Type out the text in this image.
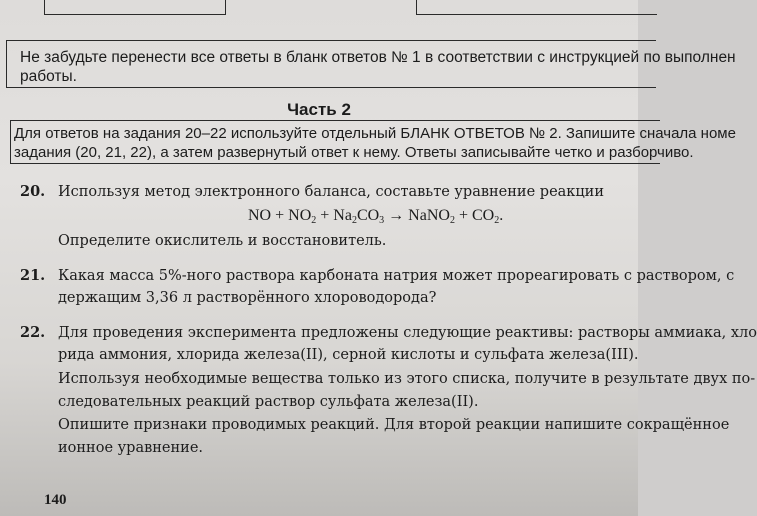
Не забудьте перенести все ответы в бланк ответов № 1 в соответствии с инструкцией по выполнен
работы.
Часть 2
Для ответов на задания 20–22 используйте отдельный БЛАНК ОТВЕТОВ № 2. Запишите сначала номе
задания (20, 21, 22), а затем развернутый ответ к нему. Ответы записывайте четко и разборчиво.
20. Используя метод электронного баланса, составьте уравнение реакции
NO + $NO_2 + Na_2CO_3$ → NaNO$_2$ + $CO_2$.
Определите окислитель и восстановитель.
21. Какая масса 5%-ного раствора карбоната натрия может прореагировать с раствором, с
держащим 3,36 л растворённого хлороводорода?
22. Для проведения эксперимента предложены следующие реактивы: растворы аммиака, хло
рида аммония, хлорида железа(II), серной кислоты и сульфата железа(III).
Используя необходимые вещества только из этого списка, получите в результате двух по-
следовательных реакций раствор сульфата железа(II).
Опишите признаки проводимых реакций. Для второй реакции напишите сокращённое
ионное уравнение.
140
